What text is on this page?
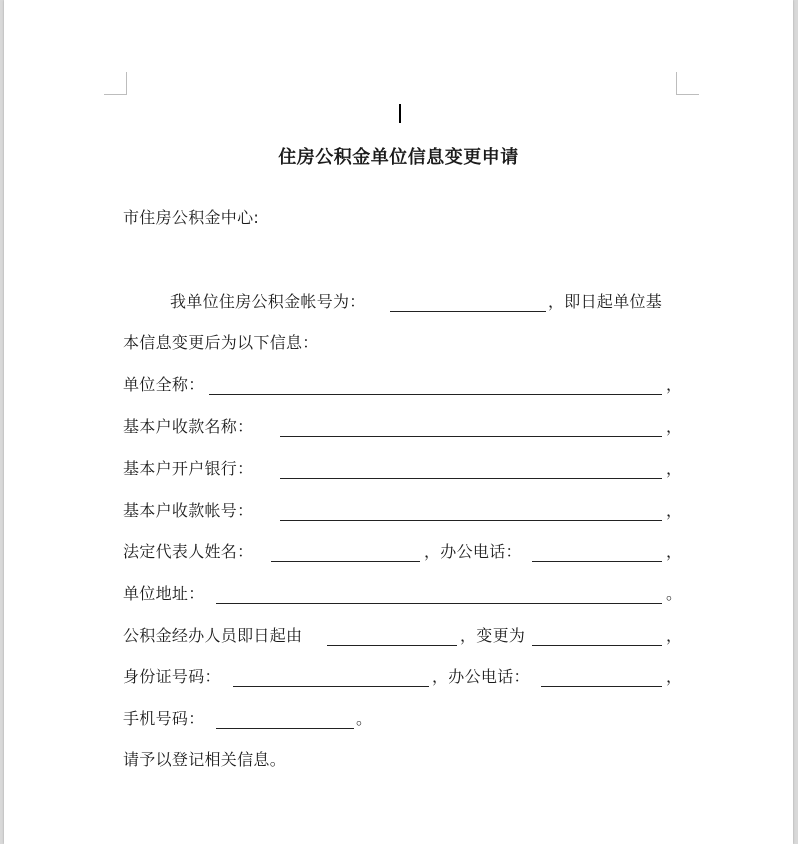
住房公积金单位信息变更申请
市住房公积金中心:
我单位住房公积金帐号为：	，即日起单位基
本信息变更后为以下信息：
单位全称：	，
基本户收款名称：	，
基本户开户银行：	，
基本户收款帐号：	，
法定代表人姓名：	，办公电话：	，
单位地址：	。
公积金经办人员即日起由	，变更为	，
身份证号码：	，办公电话：	，
手机号码：	。
请予以登记相关信息。
